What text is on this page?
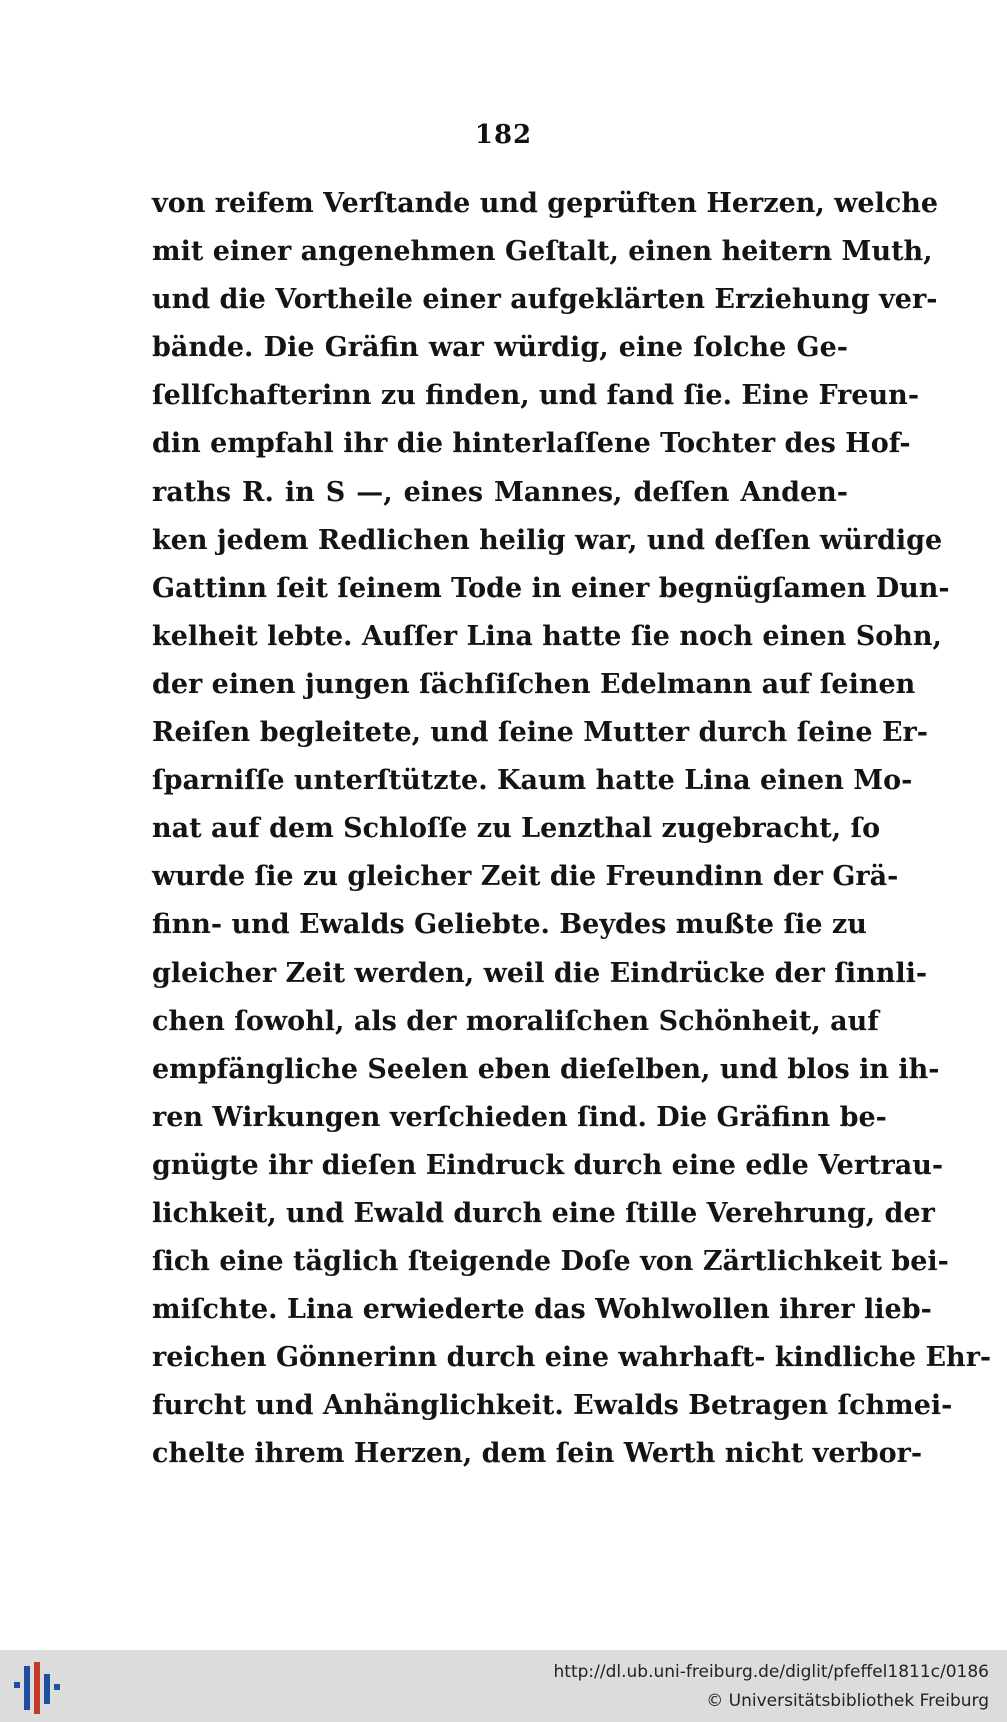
182
von reifem Verſtande und geprüften Herzen, welche
mit einer angenehmen Geſtalt, einen heitern Muth,
und die Vortheile einer aufgeklärten Erziehung ver-
bände. Die Gräfin war würdig, eine ſolche Ge-
ſellſchafterinn zu finden, und fand ſie. Eine Freun-
din empfahl ihr die hinterlaſſene Tochter des Hof-
raths R. in S —, eines Mannes, deſſen Anden-
ken jedem Redlichen heilig war, und deſſen würdige
Gattinn ſeit ſeinem Tode in einer begnügſamen Dun-
kelheit lebte. Auſſer Lina hatte ſie noch einen Sohn,
der einen jungen ſächſiſchen Edelmann auf ſeinen
Reiſen begleitete, und ſeine Mutter durch ſeine Er-
ſparniſſe unterſtützte. Kaum hatte Lina einen Mo-
nat auf dem Schloſſe zu Lenzthal zugebracht, ſo
wurde ſie zu gleicher Zeit die Freundinn der Grä-
finn- und Ewalds Geliebte. Beydes mußte ſie zu
gleicher Zeit werden, weil die Eindrücke der ſinnli-
chen ſowohl, als der moraliſchen Schönheit, auf
empfängliche Seelen eben dieſelben, und blos in ih-
ren Wirkungen verſchieden ſind. Die Gräfinn be-
gnügte ihr dieſen Eindruck durch eine edle Vertrau-
lichkeit, und Ewald durch eine ſtille Verehrung, der
ſich eine täglich ſteigende Doſe von Zärtlichkeit bei-
miſchte. Lina erwiederte das Wohlwollen ihrer lieb-
reichen Gönnerinn durch eine wahrhaft- kindliche Ehr-
furcht und Anhänglichkeit. Ewalds Betragen ſchmei-
chelte ihrem Herzen, dem ſein Werth nicht verbor-
http://dl.ub.uni-freiburg.de/diglit/pfeffel1811c/0186
© Universitätsbibliothek Freiburg
